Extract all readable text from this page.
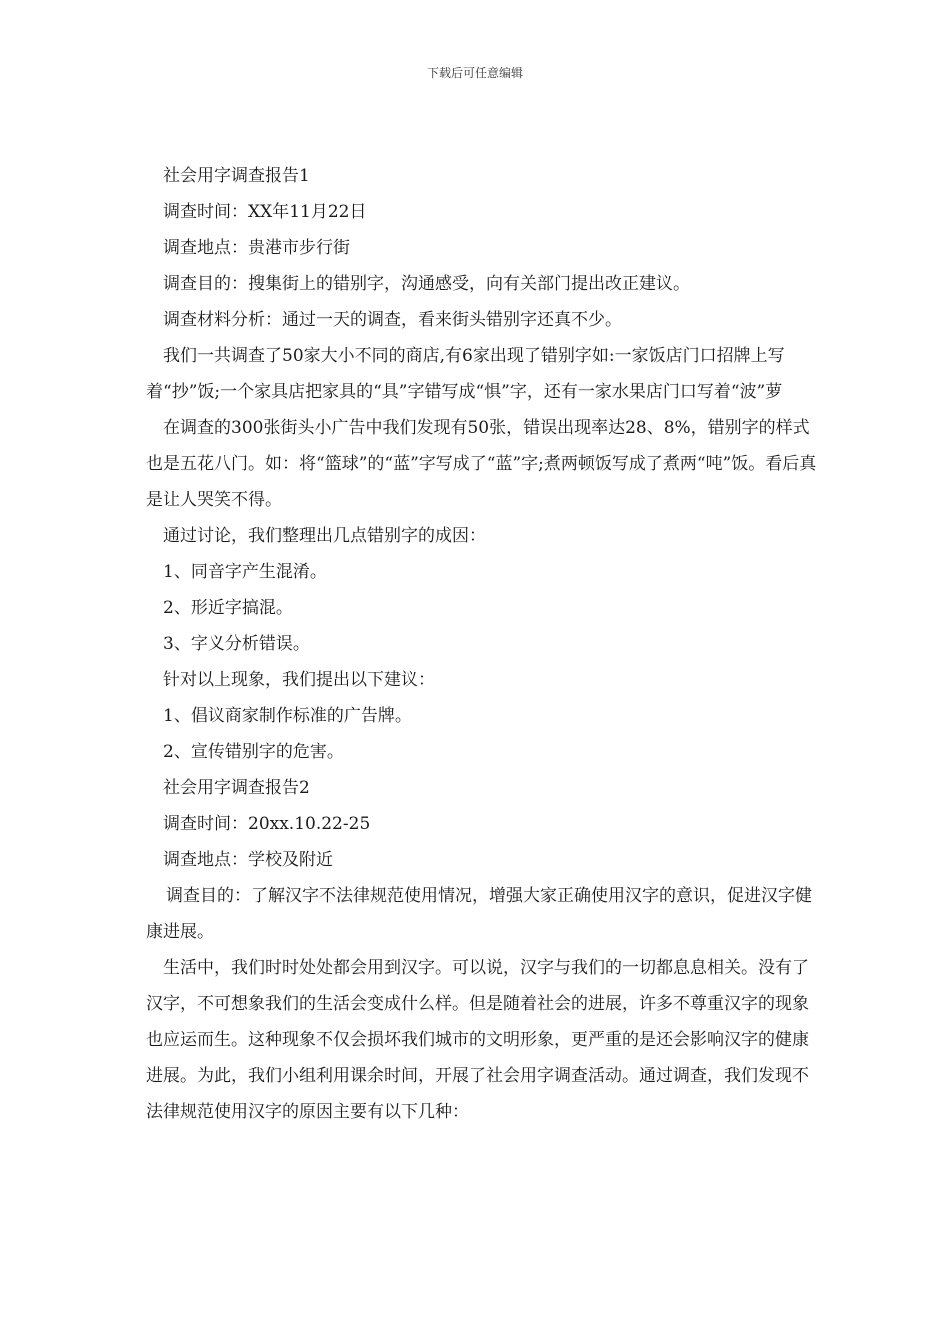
下载后可任意编辑

社会用字调查报告1

调查时间：XX年11月22日

调查地点：贵港市步行街

调查目的：搜集街上的错别字，沟通感受，向有关部门提出改正建议。

调查材料分析：通过一天的调查，看来街头错别字还真不少。

我们一共调查了50家大小不同的商店,有6家出现了错别字如:一家饭店门口招牌上写着“抄”饭;一个家具店把家具的“具”字错写成“惧”字，还有一家水果店门口写着“波”萝

在调查的300张街头小广告中我们发现有50张，错误出现率达28、8%，错别字的样式也是五花八门。如：将“篮球”的“蓝”字写成了“蓝”字;煮两顿饭写成了煮两“吨”饭。看后真是让人哭笑不得。

通过讨论，我们整理出几点错别字的成因：

1、同音字产生混淆。

2、形近字搞混。

3、字义分析错误。

针对以上现象，我们提出以下建议：

1、倡议商家制作标准的广告牌。

2、宣传错别字的危害。

社会用字调查报告2

调查时间：20xx.10.22-25

调查地点：学校及附近

调查目的：了解汉字不法律规范使用情况，增强大家正确使用汉字的意识，促进汉字健康进展。

生活中，我们时时处处都会用到汉字。可以说，汉字与我们的一切都息息相关。没有了汉字，不可想象我们的生活会变成什么样。但是随着社会的进展，许多不尊重汉字的现象也应运而生。这种现象不仅会损坏我们城市的文明形象，更严重的是还会影响汉字的健康进展。为此，我们小组利用课余时间，开展了社会用字调查活动。通过调查，我们发现不法律规范使用汉字的原因主要有以下几种：
